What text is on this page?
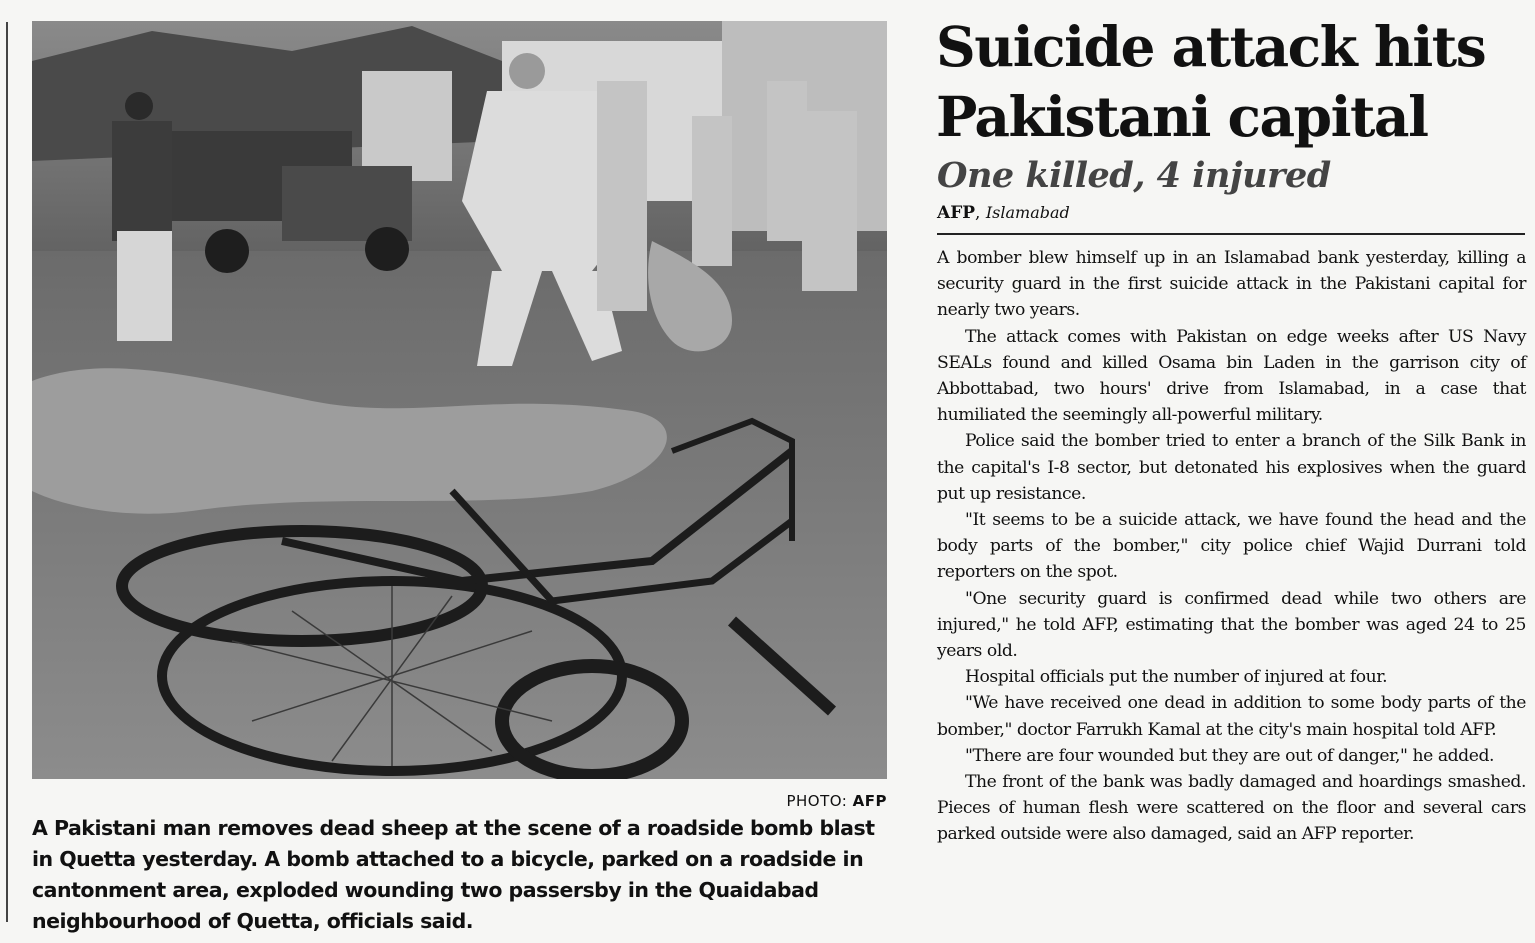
PHOTO: AFP
A Pakistani man removes dead sheep at the scene of a roadside bomb blast in Quetta yesterday. A bomb attached to a bicycle, parked on a roadside in cantonment area, exploded wounding two passersby in the Quaidabad neighbourhood of Quetta, officials said.
Suicide attack hits Pakistani capital
One killed, 4 injured
AFP, Islamabad

A bomber blew himself up in an Islamabad bank yesterday, killing a security guard in the first suicide attack in the Pakistani capital for nearly two years.

The attack comes with Pakistan on edge weeks after US Navy SEALs found and killed Osama bin Laden in the garrison city of Abbottabad, two hours' drive from Islamabad, in a case that humiliated the seemingly all-powerful military.

Police said the bomber tried to enter a branch of the Silk Bank in the capital's I-8 sector, but detonated his explosives when the guard put up resistance.

"It seems to be a suicide attack, we have found the head and the body parts of the bomber," city police chief Wajid Durrani told reporters on the spot.

"One security guard is confirmed dead while two others are injured," he told AFP, estimating that the bomber was aged 24 to 25 years old.

Hospital officials put the number of injured at four.

"We have received one dead in addition to some body parts of the bomber," doctor Farrukh Kamal at the city's main hospital told AFP.

"There are four wounded but they are out of danger," he added.

The front of the bank was badly damaged and hoardings smashed. Pieces of human flesh were scattered on the floor and several cars parked outside were also damaged, said an AFP reporter.
